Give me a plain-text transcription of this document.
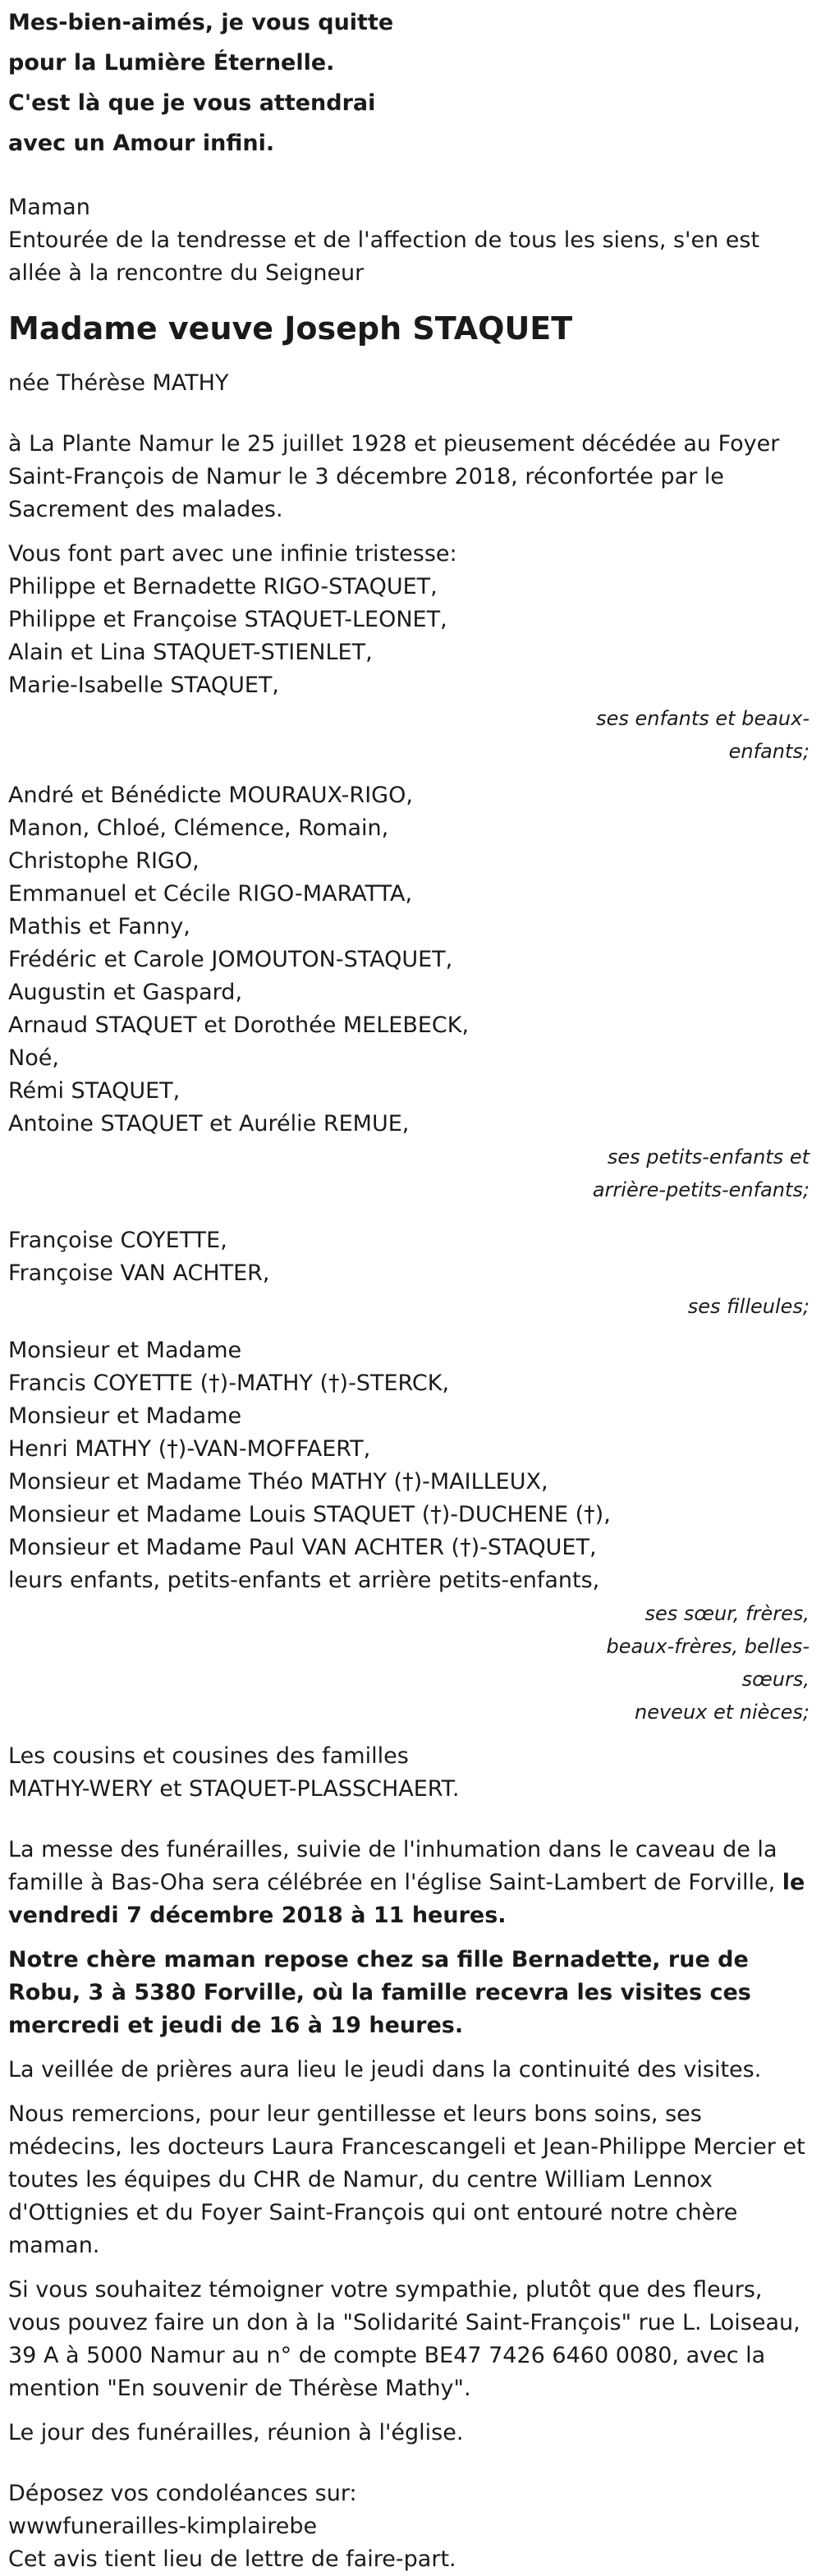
Mes-bien-aimés, je vous quitte

pour la Lumière Éternelle.

C'est là que je vous attendrai

avec un Amour infini.

Maman

Entourée de la tendresse et de l'affection de tous les siens, s'en est allée à la rencontre du Seigneur

Madame veuve Joseph STAQUET

née Thérèse MATHY

à La Plante Namur le 25 juillet 1928 et pieusement décédée au Foyer Saint-François de Namur le 3 décembre 2018, réconfortée par le Sacrement des malades.

Vous font part avec une infinie tristesse:

Philippe et Bernadette RIGO-STAQUET,

Philippe et Françoise STAQUET-LEONET,

Alain et Lina STAQUET-STIENLET,

Marie-Isabelle STAQUET,

ses enfants et beaux-enfants;

André et Bénédicte MOURAUX-RIGO,

Manon, Chloé, Clémence, Romain,

Christophe RIGO,

Emmanuel et Cécile RIGO-MARATTA,

Mathis et Fanny,

Frédéric et Carole JOMOUTON-STAQUET,

Augustin et Gaspard,

Arnaud STAQUET et Dorothée MELEBECK,

Noé,

Rémi STAQUET,

Antoine STAQUET et Aurélie REMUE,

ses petits-enfants et arrière-petits-enfants;

Françoise COYETTE,

Françoise VAN ACHTER,

ses filleules;

Monsieur et Madame

Francis COYETTE (†)-MATHY (†)-STERCK,

Monsieur et Madame

Henri MATHY (†)-VAN-MOFFAERT,

Monsieur et Madame Théo MATHY (†)-MAILLEUX,

Monsieur et Madame Louis STAQUET (†)-DUCHENE (†),

Monsieur et Madame Paul VAN ACHTER (†)-STAQUET,

leurs enfants, petits-enfants et arrière petits-enfants,

ses sœur, frères, beaux-frères, belles-sœurs,
neveux et nièces;

Les cousins et cousines des familles

MATHY-WERY et STAQUET-PLASSCHAERT.

La messe des funérailles, suivie de l'inhumation dans le caveau de la famille à Bas-Oha sera célébrée en l'église Saint-Lambert de Forville, le vendredi 7 décembre 2018 à 11 heures.

Notre chère maman repose chez sa fille Bernadette, rue de Robu, 3 à 5380 Forville, où la famille recevra les visites ces mercredi et jeudi de 16 à 19 heures.

La veillée de prières aura lieu le jeudi dans la continuité des visites.

Nous remercions, pour leur gentillesse et leurs bons soins, ses médecins, les docteurs Laura Francescangeli et Jean-Philippe Mercier et toutes les équipes du CHR de Namur, du centre William Lennox d'Ottignies et du Foyer Saint-François qui ont entouré notre chère maman.

Si vous souhaitez témoigner votre sympathie, plutôt que des fleurs, vous pouvez faire un don à la "Solidarité Saint-François" rue L. Loiseau, 39 A à 5000 Namur au n° de compte BE47 7426 6460 0080, avec la mention "En souvenir de Thérèse Mathy".

Le jour des funérailles, réunion à l'église.

Déposez vos condoléances sur:

wwwfunerailles-kimplairebe

Cet avis tient lieu de lettre de faire-part.
